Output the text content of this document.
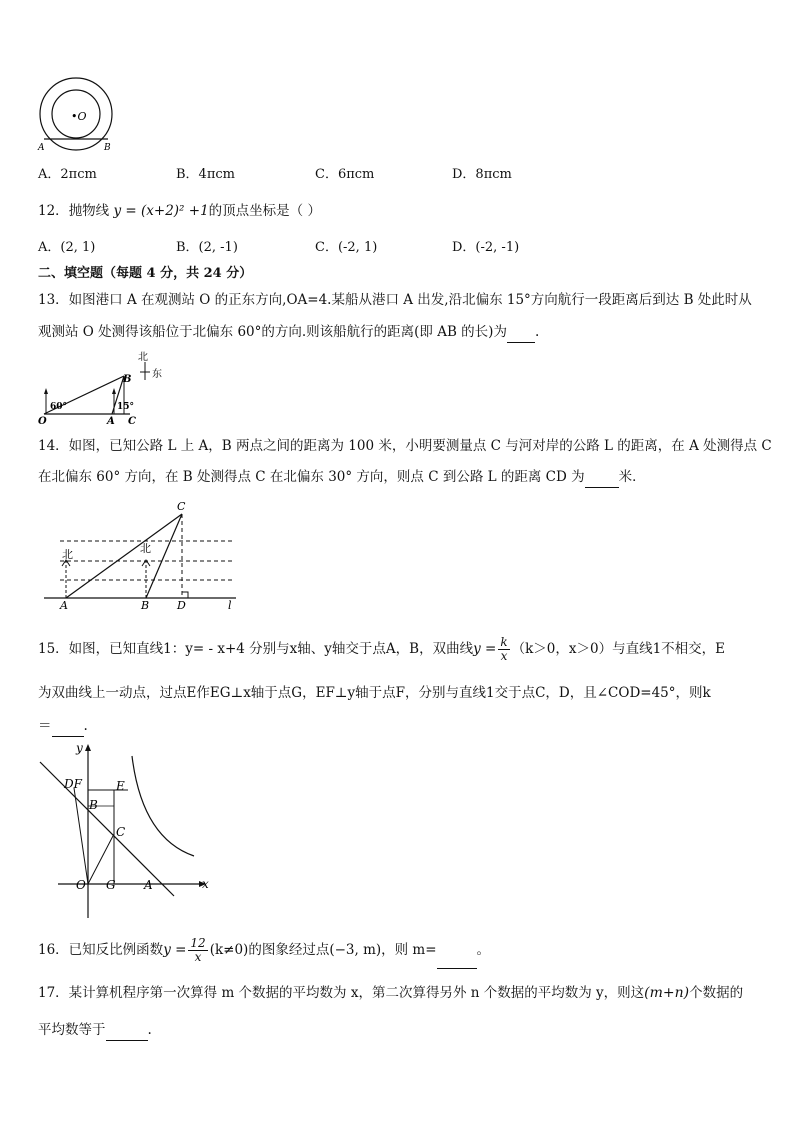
•O
A	B
A．2πcm	B．4πcm	C．6πcm	D．8πcm
12．抛物线 y = (x+2)² +1的顶点坐标是（ ）
A．(2, 1)	B．(2, -1)	C．(-2, 1)	D．(-2, -1)
二、填空题（每题 4 分，共 24 分）
13．如图港口 A 在观测站 O 的正东方向,OA=4.某船从港口 A 出发,沿北偏东 15°方向航行一段距离后到达 B 处此时从
观测站 O 处测得该船位于北偏东 60°的方向.则该船航行的距离(即 AB 的长)为 .
北
东
60°	15°
O	A
B
C
14．如图，已知公路 L 上 A，B 两点之间的距离为 100 米，小明要测量点 C 与河对岸的公路 L 的距离，在 A 处测得点 C
在北偏东 60° 方向，在 B 处测得点 C 在北偏东 30° 方向，则点 C 到公路 L 的距离 CD 为	米．
北	北
A	B
C
D	l
15．如图，已知直线1：y= - x+4 分别与x轴、y轴交于点A，B，双曲线$y = \frac{k}{x} (k>0$，x＞0）与直线1不相交，E
为双曲线上一动点，过点E作EG⊥x轴于点G，EF⊥y轴于点F，分别与直线1交于点C，D，且∠COD=45°，则k
＝ .
y
x
DF	E
B
C
O G A
16．已知反比例函数$y = \frac{12}{x} (k\ne 0)$的图象经过点(−3, m)，则 m=	。
17．某计算机程序第一次算得 m 个数据的平均数为 x，第二次算得另外 n 个数据的平均数为 y，则这(m+n)个数据的
平均数等于	.
